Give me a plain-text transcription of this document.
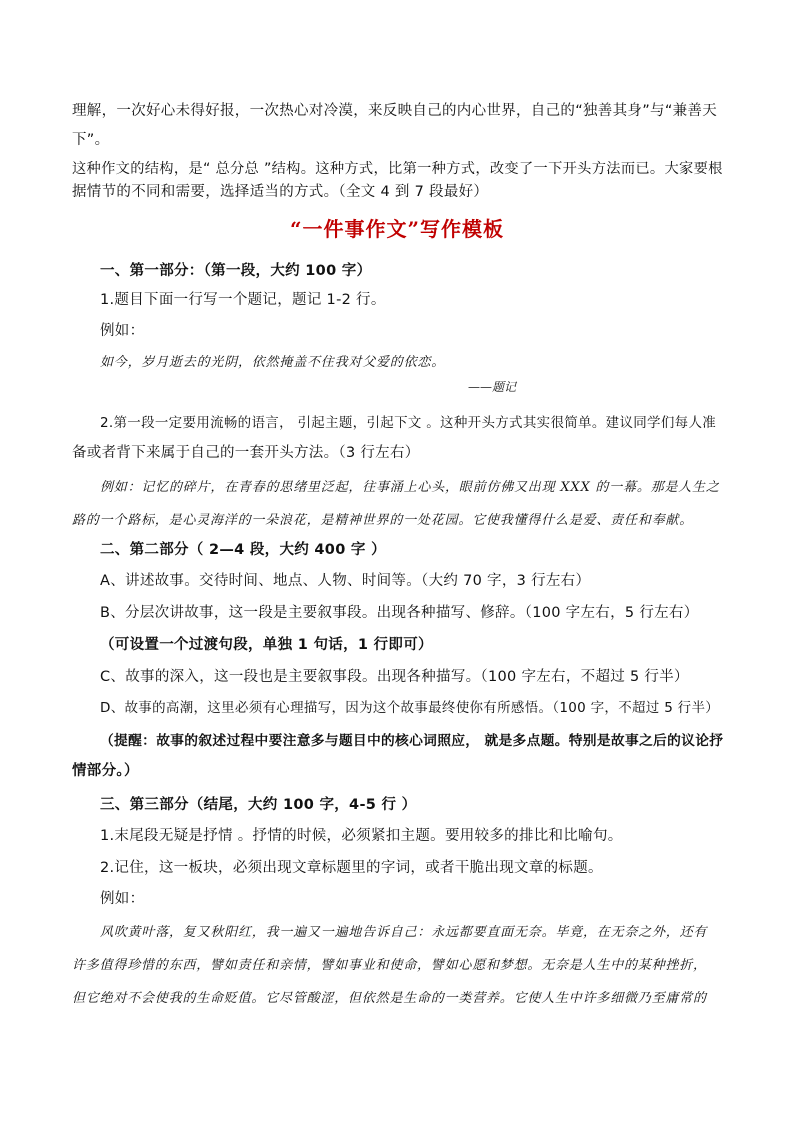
理解，一次好心未得好报，一次热心对冷漠，来反映自己的内心世界，自己的“独善其身”与“兼善天
下”。
这种作文的结构，是“ 总分总 ”结构。这种方式，比第一种方式，改变了一下开头方法而已。大家要根
据情节的不同和需要，选择适当的方式。（全文 4 到 7 段最好）
“一件事作文”写作模板
一、第一部分：（第一段，大约 100 字）
1.题目下面一行写一个题记，题记 1-2 行。
例如：
如今，岁月逝去的光阴，依然掩盖不住我对父爱的依恋。
——题记
2.第一段一定要用流畅的语言， 引起主题，引起下文 。这种开头方式其实很简单。建议同学们每人准
备或者背下来属于自己的一套开头方法。（3 行左右）
例如：记忆的碎片，在青春的思绪里泛起，往事涌上心头，眼前仿佛又出现 XXX 的一幕。那是人生之
路的一个路标，是心灵海洋的一朵浪花，是精神世界的一处花园。它使我懂得什么是爱、责任和奉献。
二、第二部分（ 2—4 段，大约 400 字 ）
A、讲述故事。交待时间、地点、人物、时间等。（大约 70 字，3 行左右）
B、分层次讲故事，这一段是主要叙事段。出现各种描写、修辞。（100 字左右，5 行左右）
（可设置一个过渡句段，单独 1 句话，1 行即可）
C、故事的深入，这一段也是主要叙事段。出现各种描写。（100 字左右，不超过 5 行半）
D、故事的高潮，这里必须有心理描写，因为这个故事最终使你有所感悟。（100 字，不超过 5 行半）
（提醒：故事的叙述过程中要注意多与题目中的核心词照应， 就是多点题。特别是故事之后的议论抒
情部分。）
三、第三部分（结尾，大约 100 字，4-5 行 ）
1.末尾段无疑是抒情 。抒情的时候，必须紧扣主题。要用较多的排比和比喻句。
2.记住，这一板块，必须出现文章标题里的字词，或者干脆出现文章的标题。
例如：
风吹黄叶落，复又秋阳红，我一遍又一遍地告诉自己：永远都要直面无奈。毕竟，在无奈之外，还有
许多值得珍惜的东西，譬如责任和亲情，譬如事业和使命，譬如心愿和梦想。无奈是人生中的某种挫折，
但它绝对不会使我的生命贬值。它尽管酸涩，但依然是生命的一类营养。它使人生中许多细微乃至庸常的
